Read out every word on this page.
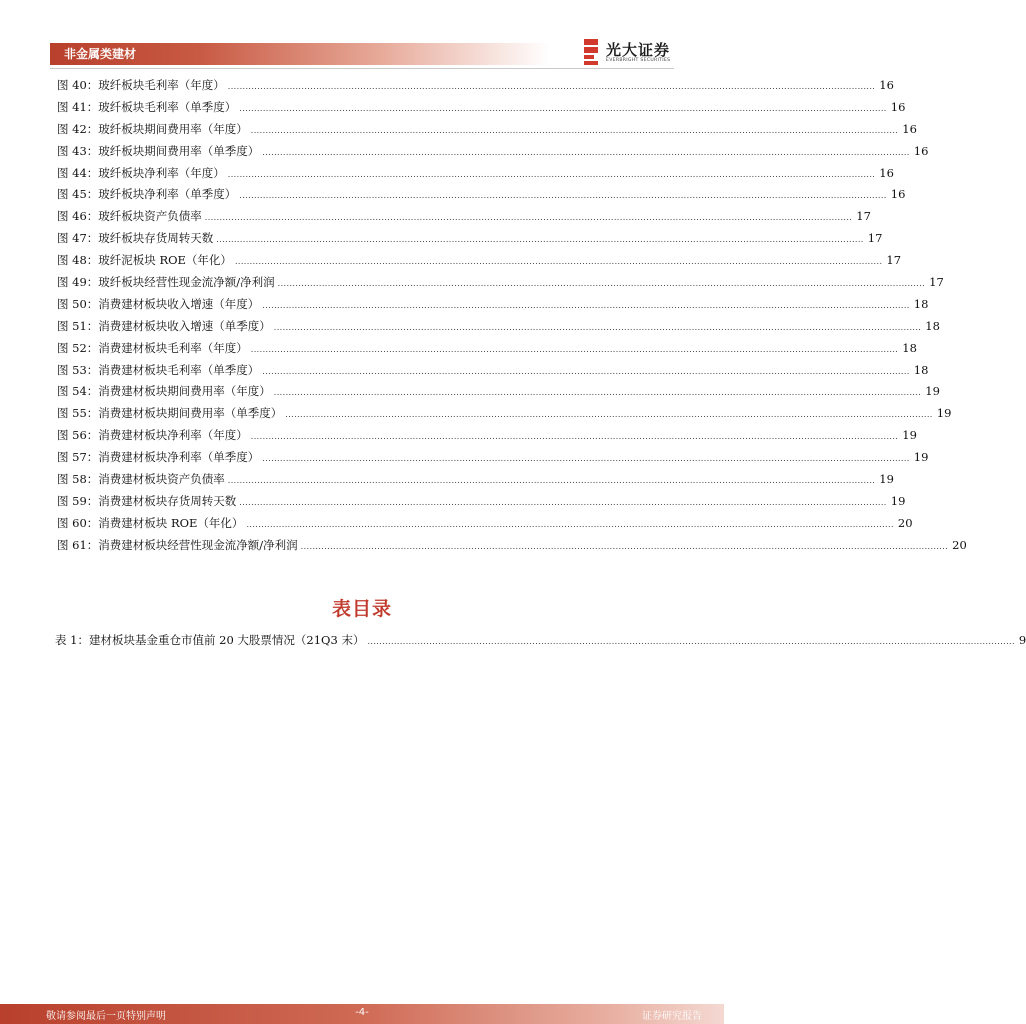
非金属类建材	光大证券
EVERBRIGHT SECURITIES
图 40：玻纤板块毛利率（年度） ............................................................................................................................................................................................................................ 16
图 41：玻纤板块毛利率（单季度） ............................................................................................................................................................................................................................ 16
图 42：玻纤板块期间费用率（年度） ............................................................................................................................................................................................................................ 16
图 43：玻纤板块期间费用率（单季度） ............................................................................................................................................................................................................................ 16
图 44：玻纤板块净利率（年度） ............................................................................................................................................................................................................................ 16
图 45：玻纤板块净利率（单季度） ............................................................................................................................................................................................................................ 16
图 46：玻纤板块资产负债率 ............................................................................................................................................................................................................................ 17
图 47：玻纤板块存货周转天数 ............................................................................................................................................................................................................................ 17
图 48：玻纤泥板块 ROE（年化） ............................................................................................................................................................................................................................ 17
图 49：玻纤板块经营性现金流净额/净利润 ............................................................................................................................................................................................................................ 17
图 50：消费建材板块收入增速（年度） ............................................................................................................................................................................................................................ 18
图 51：消费建材板块收入增速（单季度） ............................................................................................................................................................................................................................ 18
图 52：消费建材板块毛利率（年度） ............................................................................................................................................................................................................................ 18
图 53：消费建材板块毛利率（单季度） ............................................................................................................................................................................................................................ 18
图 54：消费建材板块期间费用率（年度） ............................................................................................................................................................................................................................ 19
图 55：消费建材板块期间费用率（单季度） ............................................................................................................................................................................................................................ 19
图 56：消费建材板块净利率（年度） ............................................................................................................................................................................................................................ 19
图 57：消费建材板块净利率（单季度） ............................................................................................................................................................................................................................ 19
图 58：消费建材板块资产负债率 ............................................................................................................................................................................................................................ 19
图 59：消费建材板块存货周转天数 ............................................................................................................................................................................................................................ 19
图 60：消费建材板块 ROE（年化） ............................................................................................................................................................................................................................ 20
图 61：消费建材板块经营性现金流净额/净利润 ............................................................................................................................................................................................................................ 20
表目录
表 1：建材板块基金重仓市值前 20 大股票情况（21Q3 末） ............................................................................................................................................................................................................................ 9
敬请参阅最后一页特别声明	-4-	证券研究报告
